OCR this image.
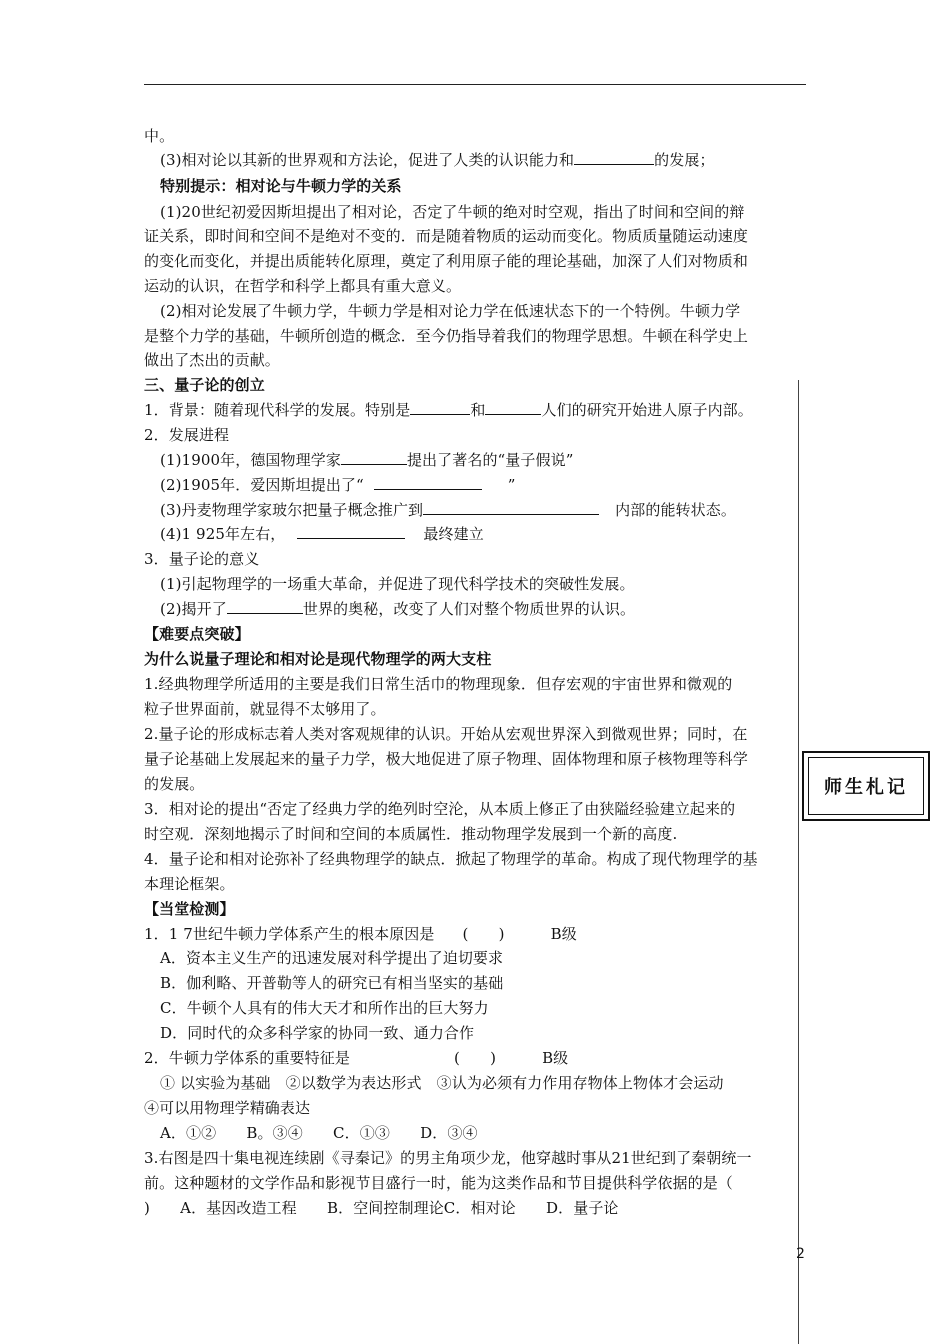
中。
(3)相对论以其新的世界观和方法论，促进了人类的认识能力和	的发展；
特别提示：相对论与牛顿力学的关系
(1)20世纪初爱因斯坦提出了相对论，否定了牛顿的绝对时空观，指出了时间和空间的辩
证关系，即时间和空间不是绝对不变的．而是随着物质的运动而变化。物质质量随运动速度
的变化而变化，并提出质能转化原理，奠定了利用原子能的理论基础，加深了人们对物质和
运动的认识，在哲学和科学上都具有重大意义。
(2)相对论发展了牛顿力学，牛顿力学是相对论力学在低速状态下的一个特例。牛顿力学
是整个力学的基础，牛顿所创造的概念．至今仍指导着我们的物理学思想。牛顿在科学史上
做出了杰出的贡献。
三、量子论的创立
1．背景：随着现代科学的发展。特别是	和	人们的研究开始进人原子内部。
2．发展进程
(1)1900年，德国物理学家	提出了著名的“量子假说”
(2)1905年．爱因斯坦提出了“	”
(3)丹麦物理学家玻尔把量子概念推广到	内部的能转状态。
(4)1 925年左右，	最终建立
3．量子论的意义
(1)引起物理学的一场重大革命，并促进了现代科学技术的突破性发展。
(2)揭开了	世界的奥秘，改变了人们对整个物质世界的认识。
【难要点突破】
为什么说量子理论和相对论是现代物理学的两大支柱
1.经典物理学所适用的主要是我们日常生活巾的物理现象．但存宏观的宇宙世界和微观的
粒子世界面前，就显得不太够用了。
2.量子论的形成标志着人类对客观规律的认识。开始从宏观世界深入到微观世界；同时，在
量子论基础上发展起来的量子力学，极大地促进了原子物理、固体物理和原子核物理等科学
的发展。
3．相对论的提出“否定了经典力学的绝列时空沦，从本质上修正了由狭隘经验建立起来的
时空观．深刻地揭示了时间和空间的本质属性．推动物理学发展到一个新的高度.
4．量子论和相对论弥补了经典物理学的缺点．掀起了物理学的革命。构成了现代物理学的基
本理论框架。
【当堂检测】
1．1 7世纪牛顿力学体系产生的根本原因是 (　　)	B级
A．资本主义生产的迅速发展对科学提出了迫切要求
B．伽利略、开普勒等人的研究已有相当坚实的基础
C．牛顿个人具有的伟大天才和所作出的巨大努力
D．同时代的众多科学家的协同一致、通力合作
2．牛顿力学体系的重要特征是	(　　)	B级
① 以实验为基础　②以数学为表达形式　③认为必须有力作用存物体上物体才会运动
④可以用物理学精确表达
A．①②　　B。③④　　C．①③　　D．③④
3.右图是四十集电视连续剧《寻秦记》的男主角项少龙，他穿越时事从21世纪到了秦朝统一
前。这种题材的文学作品和影视节目盛行一时，能为这类作品和节目提供科学依据的是（
)　　A．基因改造工程　　B．空间控制理论C．相对论　　D．量子论
师生札记
2
